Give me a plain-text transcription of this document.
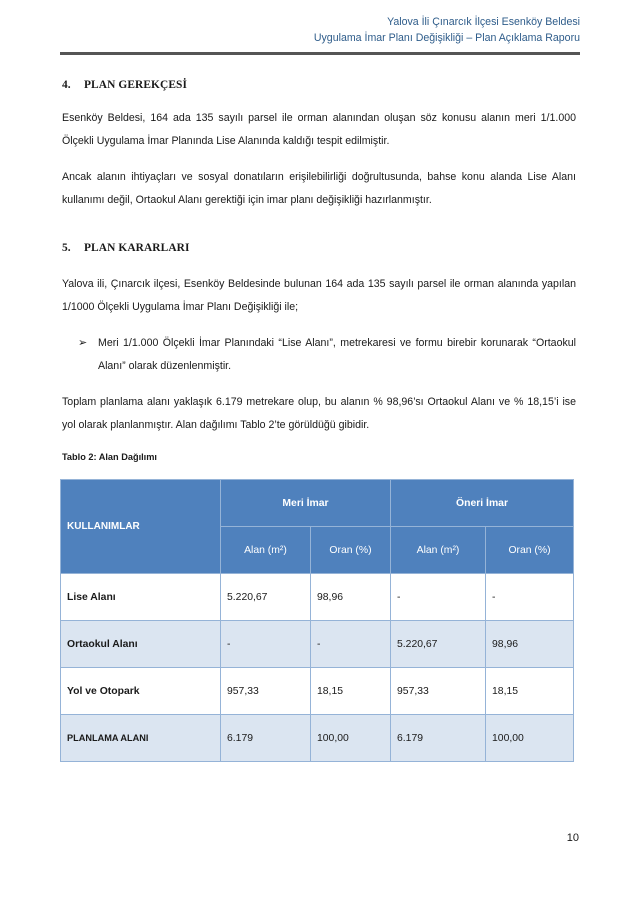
Yalova İli Çınarcık İlçesi Esenköy Beldesi
Uygulama İmar Planı Değişikliği – Plan Açıklama Raporu
4. PLAN GEREKÇESİ

Esenköy Beldesi, 164 ada 135 sayılı parsel ile orman alanından oluşan söz konusu alanın meri 1/1.000 Ölçekli Uygulama İmar Planında Lise Alanında kaldığı tespit edilmiştir.

Ancak alanın ihtiyaçları ve sosyal donatıların erişilebilirliği doğrultusunda, bahse konu alanda Lise Alanı kullanımı değil, Ortaokul Alanı gerektiği için imar planı değişikliği hazırlanmıştır.

5. PLAN KARARLARI

Yalova ili, Çınarcık ilçesi, Esenköy Beldesinde bulunan 164 ada 135 sayılı parsel ile orman alanında yapılan 1/1000 Ölçekli Uygulama İmar Planı Değişikliği ile;

➢ Meri 1/1.000 Ölçekli İmar Planındaki “Lise Alanı”, metrekaresi ve formu birebir korunarak “Ortaokul Alanı” olarak düzenlenmiştir.

Toplam planlama alanı yaklaşık 6.179 metrekare olup, bu alanın % 98,96’sı Ortaokul Alanı ve % 18,15’i ise yol olarak planlanmıştır. Alan dağılımı Tablo 2’te görüldüğü gibidir.

Tablo 2: Alan Dağılımı
KULLANIMLAR	Meri İmar		Öneri İmar	
	Alan (m²)	Oran (%)	Alan (m²)	Oran (%)
Lise Alanı	5.220,67	98,96	-	-
Ortaokul Alanı	-	-	5.220,67	98,96
Yol ve Otopark	957,33	18,15	957,33	18,15
PLANLAMA ALANI	6.179	100,00	6.179	100,00
10
